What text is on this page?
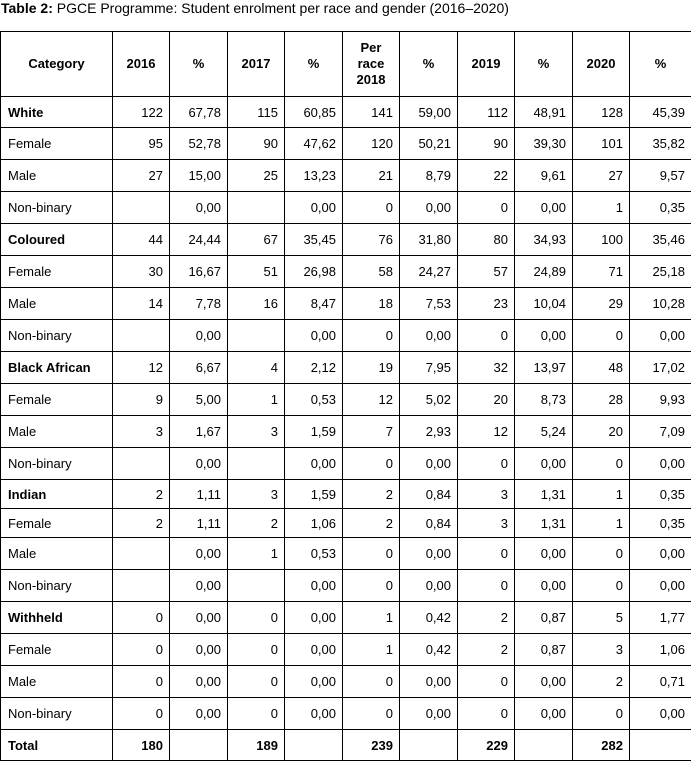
Table 2: PGCE Programme: Student enrolment per race and gender (2016–2020)
Category	2016	%	2017	%	Per race 2018	%	2019	%	2020	%
White	122	67,78	115	60,85	141	59,00	112	48,91	128	45,39
Female	95	52,78	90	47,62	120	50,21	90	39,30	101	35,82
Male	27	15,00	25	13,23	21	8,79	22	9,61	27	9,57
Non-binary		0,00		0,00	0	0,00	0	0,00	1	0,35
Coloured	44	24,44	67	35,45	76	31,80	80	34,93	100	35,46
Female	30	16,67	51	26,98	58	24,27	57	24,89	71	25,18
Male	14	7,78	16	8,47	18	7,53	23	10,04	29	10,28
Non-binary		0,00		0,00	0	0,00	0	0,00	0	0,00
Black African	12	6,67	4	2,12	19	7,95	32	13,97	48	17,02
Female	9	5,00	1	0,53	12	5,02	20	8,73	28	9,93
Male	3	1,67	3	1,59	7	2,93	12	5,24	20	7,09
Non-binary		0,00		0,00	0	0,00	0	0,00	0	0,00
Indian	2	1,11	3	1,59	2	0,84	3	1,31	1	0,35
Female	2	1,11	2	1,06	2	0,84	3	1,31	1	0,35
Male		0,00	1	0,53	0	0,00	0	0,00	0	0,00
Non-binary		0,00		0,00	0	0,00	0	0,00	0	0,00
Withheld	0	0,00	0	0,00	1	0,42	2	0,87	5	1,77
Female	0	0,00	0	0,00	1	0,42	2	0,87	3	1,06
Male	0	0,00	0	0,00	0	0,00	0	0,00	2	0,71
Non-binary	0	0,00	0	0,00	0	0,00	0	0,00	0	0,00
Total	180		189		239		229		282	
